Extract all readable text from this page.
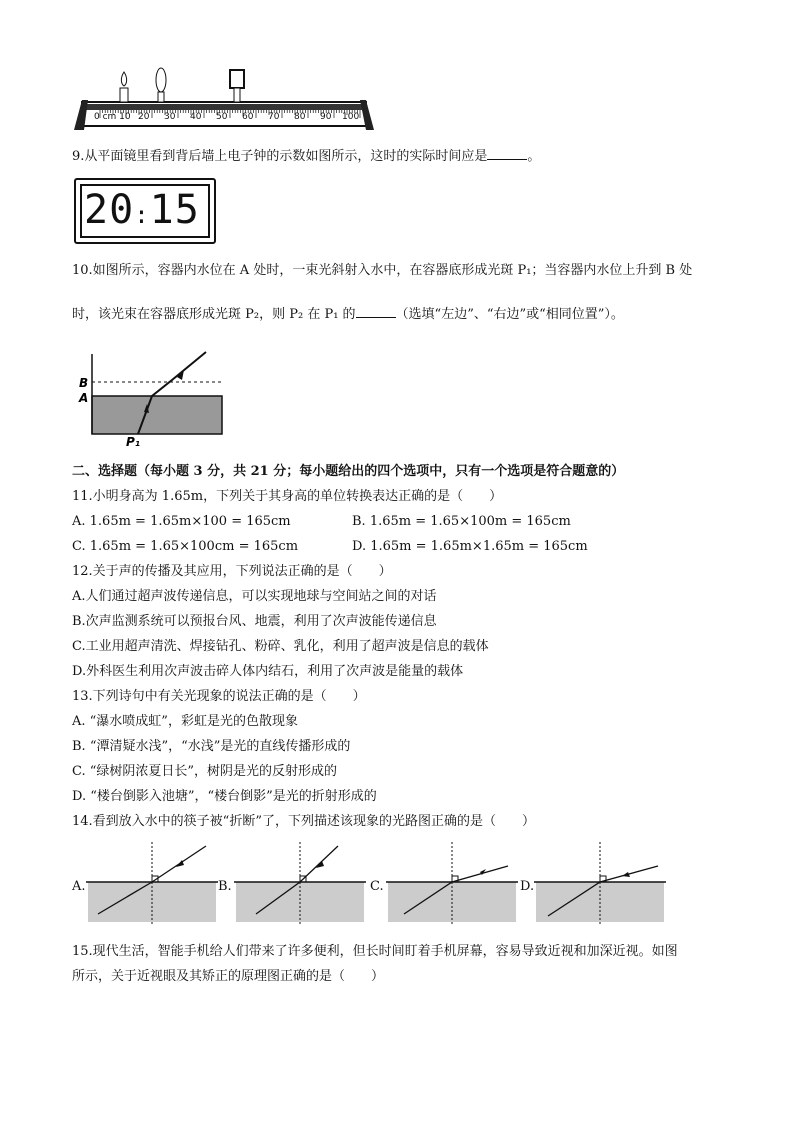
0 cm 10 20 30 40 50 60 70 80 90 100
9.从平面镜里看到背后墙上电子钟的示数如图所示，这时的实际时间应是	。
20:15
10.如图所示，容器内水位在 A 处时，一束光斜射入水中，在容器底形成光斑 P₁；当容器内水位上升到 B 处
时，该光束在容器底形成光斑 P₂，则 P₂ 在 P₁ 的	（选填“左边”、“右边”或“相同位置”）。
B
A
P₁
二、选择题（每小题 3 分，共 21 分；每小题给出的四个选项中，只有一个选项是符合题意的）
11.小明身高为 1.65m，下列关于其身高的单位转换表达正确的是（　　）
A. 1.65m = 1.65m×100 = 165cm	B. 1.65m = 1.65×100m = 165cm
C. 1.65m = 1.65×100cm = 165cm	D. 1.65m = 1.65m×1.65m = 165cm
12.关于声的传播及其应用，下列说法正确的是（　　）
A.人们通过超声波传递信息，可以实现地球与空间站之间的对话
B.次声监测系统可以预报台风、地震，利用了次声波能传递信息
C.工业用超声清洗、焊接钻孔、粉碎、乳化，利用了超声波是信息的载体
D.外科医生利用次声波击碎人体内结石，利用了次声波是能量的载体
13.下列诗句中有关光现象的说法正确的是（　　）
A. “瀑水喷成虹”，彩虹是光的色散现象
B. “潭清疑水浅”，“水浅”是光的直线传播形成的
C. “绿树阴浓夏日长”，树阴是光的反射形成的
D. “楼台倒影入池塘”，“楼台倒影”是光的折射形成的
14.看到放入水中的筷子被“折断”了，下列描述该现象的光路图正确的是（　　）
A.	B.	C.	D.
15.现代生活，智能手机给人们带来了许多便利，但长时间盯着手机屏幕，容易导致近视和加深近视。如图
所示，关于近视眼及其矫正的原理图正确的是（　　）
